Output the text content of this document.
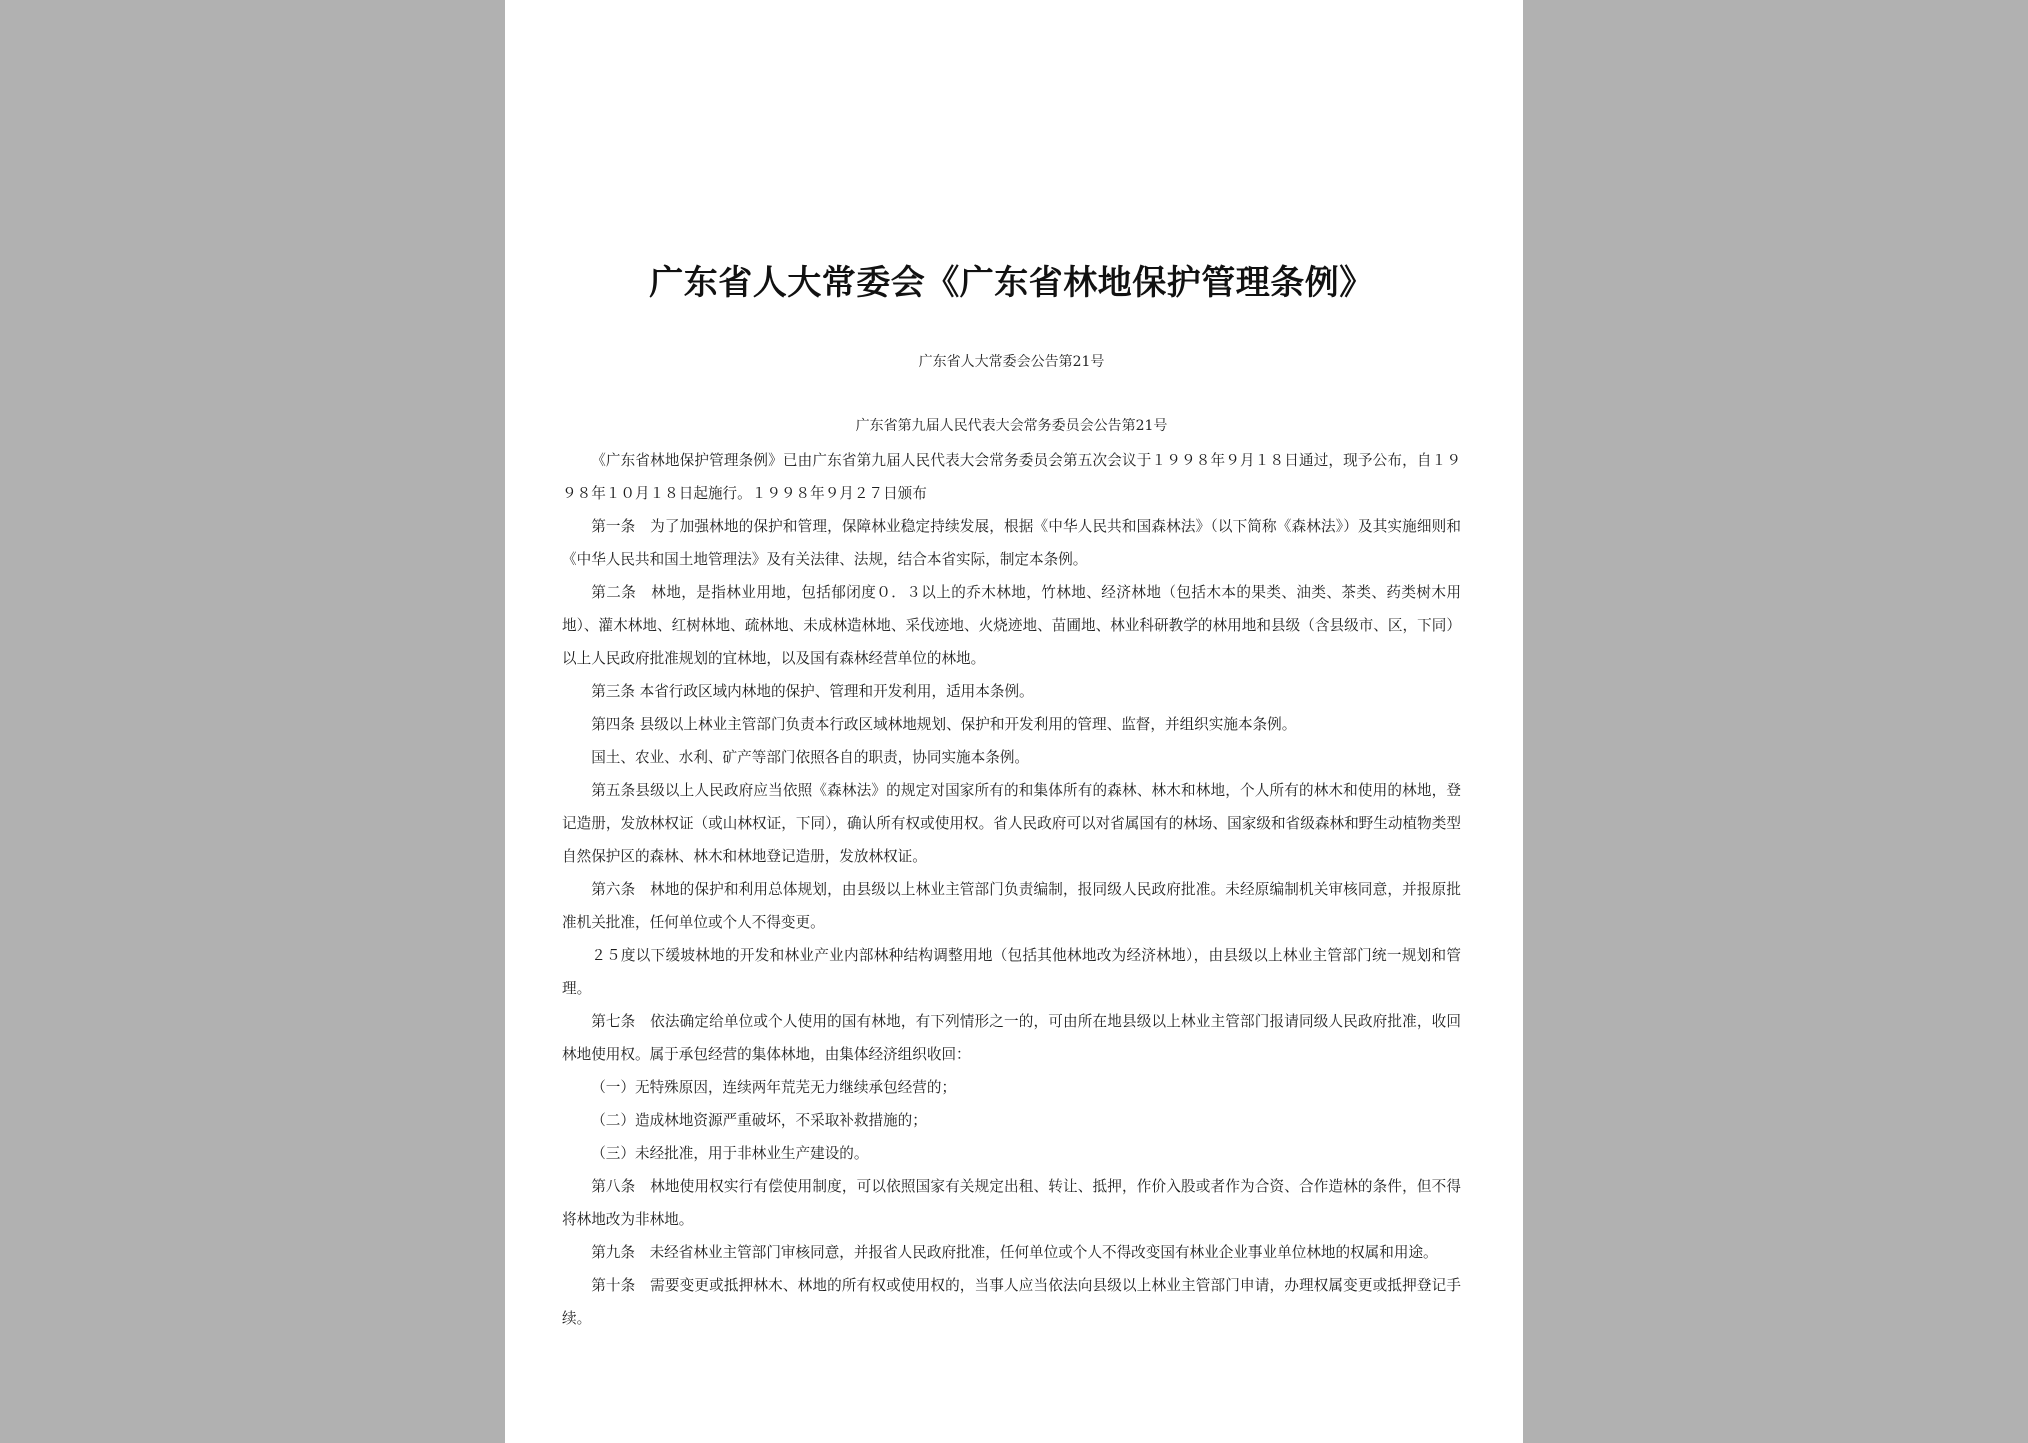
广东省人大常委会《广东省林地保护管理条例》
广东省人大常委会公告第21号
广东省第九届人民代表大会常务委员会公告第21号

《广东省林地保护管理条例》已由广东省第九届人民代表大会常务委员会第五次会议于１９９８年９月１８日通过，现予公布，自１９９８年１０月１８日起施行。１９９８年９月２７日颁布

第一条　为了加强林地的保护和管理，保障林业稳定持续发展，根据《中华人民共和国森林法》（以下简称《森林法》）及其实施细则和《中华人民共和国土地管理法》及有关法律、法规，结合本省实际，制定本条例。

第二条　林地，是指林业用地，包括郁闭度０．３以上的乔木林地，竹林地、经济林地（包括木本的果类、油类、茶类、药类树木用地）、灌木林地、红树林地、疏林地、未成林造林地、采伐迹地、火烧迹地、苗圃地、林业科研教学的林用地和县级（含县级市、区，下同）以上人民政府批准规划的宜林地，以及国有森林经营单位的林地。

第三条 本省行政区域内林地的保护、管理和开发利用，适用本条例。

第四条 县级以上林业主管部门负责本行政区域林地规划、保护和开发利用的管理、监督，并组织实施本条例。

国土、农业、水利、矿产等部门依照各自的职责，协同实施本条例。

第五条县级以上人民政府应当依照《森林法》的规定对国家所有的和集体所有的森林、林木和林地，个人所有的林木和使用的林地，登记造册，发放林权证（或山林权证，下同），确认所有权或使用权。省人民政府可以对省属国有的林场、国家级和省级森林和野生动植物类型自然保护区的森林、林木和林地登记造册，发放林权证。

第六条　林地的保护和利用总体规划，由县级以上林业主管部门负责编制，报同级人民政府批准。未经原编制机关审核同意，并报原批准机关批准，任何单位或个人不得变更。

２５度以下缓坡林地的开发和林业产业内部林种结构调整用地（包括其他林地改为经济林地），由县级以上林业主管部门统一规划和管理。

第七条　依法确定给单位或个人使用的国有林地，有下列情形之一的，可由所在地县级以上林业主管部门报请同级人民政府批准，收回林地使用权。属于承包经营的集体林地，由集体经济组织收回：

（一）无特殊原因，连续两年荒芜无力继续承包经营的；

（二）造成林地资源严重破坏，不采取补救措施的；

（三）未经批准，用于非林业生产建设的。

第八条　林地使用权实行有偿使用制度，可以依照国家有关规定出租、转让、抵押，作价入股或者作为合资、合作造林的条件，但不得将林地改为非林地。

第九条　未经省林业主管部门审核同意，并报省人民政府批准，任何单位或个人不得改变国有林业企业事业单位林地的权属和用途。

第十条　需要变更或抵押林木、林地的所有权或使用权的，当事人应当依法向县级以上林业主管部门申请，办理权属变更或抵押登记手续。
